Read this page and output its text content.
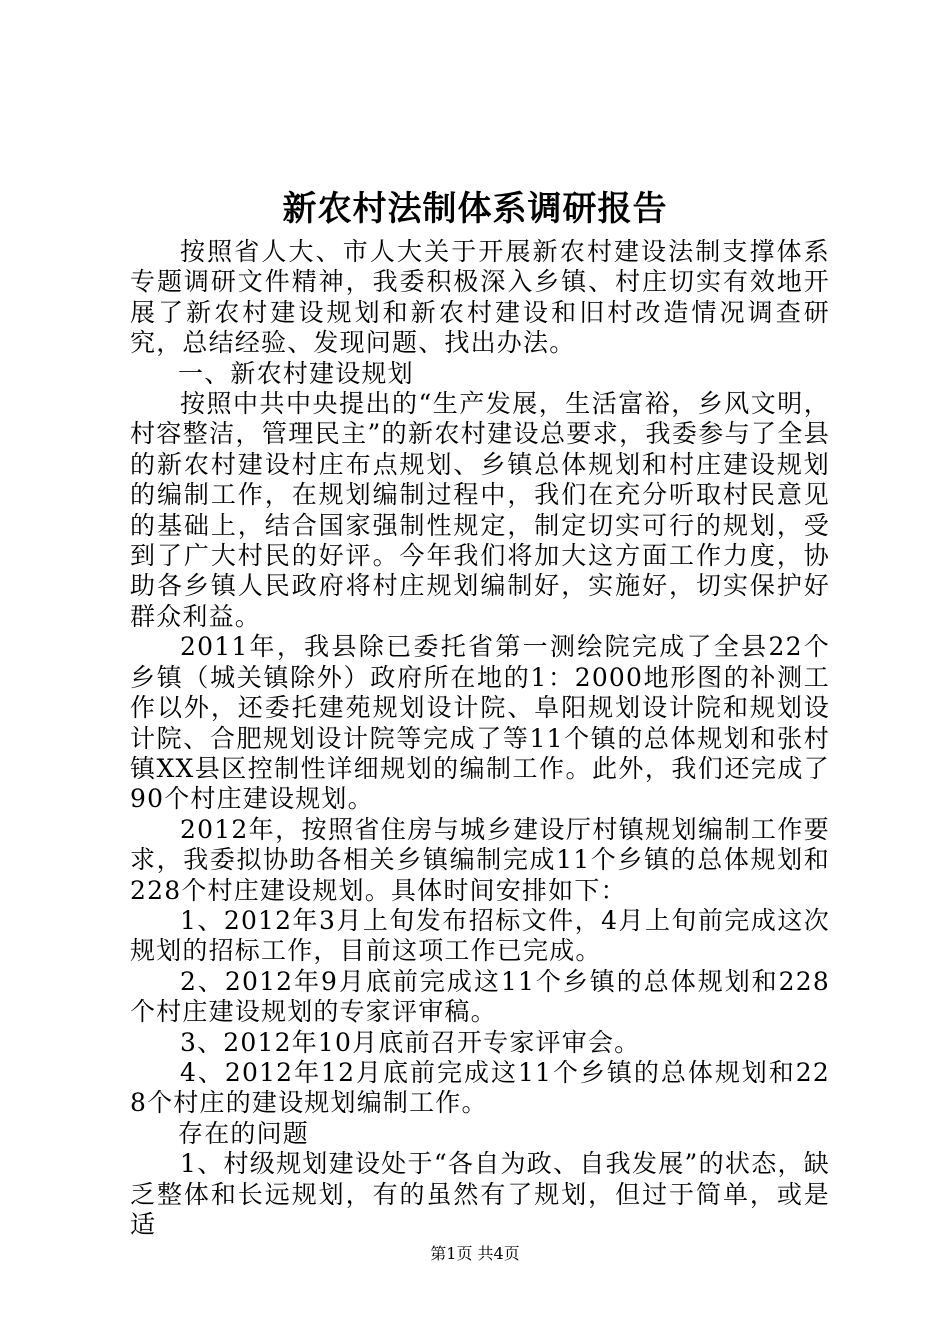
新农村法制体系调研报告

按照省人大、市人大关于开展新农村建设法制支撑体系专题调研文件精神，我委积极深入乡镇、村庄切实有效地开展了新农村建设规划和新农村建设和旧村改造情况调查研究，总结经验、发现问题、找出办法。

一、新农村建设规划

按照中共中央提出的“生产发展，生活富裕，乡风文明，村容整洁，管理民主”的新农村建设总要求，我委参与了全县的新农村建设村庄布点规划、乡镇总体规划和村庄建设规划的编制工作，在规划编制过程中，我们在充分听取村民意见的基础上，结合国家强制性规定，制定切实可行的规划，受到了广大村民的好评。今年我们将加大这方面工作力度，协助各乡镇人民政府将村庄规划编制好，实施好，切实保护好群众利益。

2011年，我县除已委托省第一测绘院完成了全县22个乡镇（城关镇除外）政府所在地的1：2000地形图的补测工作以外，还委托建苑规划设计院、阜阳规划设计院和规划设计院、合肥规划设计院等完成了等11个镇的总体规划和张村镇XX县区控制性详细规划的编制工作。此外，我们还完成了 90个村庄建设规划。

2012年，按照省住房与城乡建设厅村镇规划编制工作要求，我委拟协助各相关乡镇编制完成11个乡镇的总体规划和228个村庄建设规划。具体时间安排如下：

1、2012年3月上旬发布招标文件，4月上旬前完成这次规划的招标工作，目前这项工作已完成。

2、2012年9月底前完成这11个乡镇的总体规划和228个村庄建设规划的专家评审稿。

3、2012年10月底前召开专家评审会。

4、2012年12月底前完成这11个乡镇的总体规划和228个村庄的建设规划编制工作。

存在的问题

1、村级规划建设处于“各自为政、自我发展”的状态，缺乏整体和长远规划，有的虽然有了规划，但过于简单，或是适

第1页 共4页
